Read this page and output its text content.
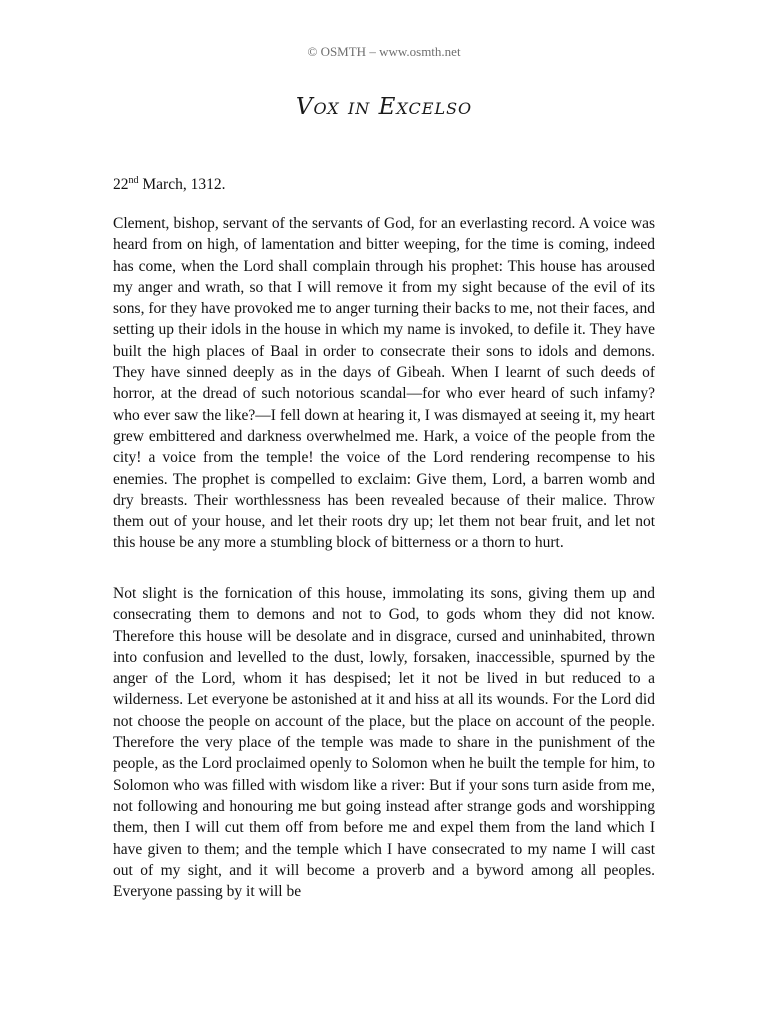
© OSMTH – www.osmth.net
Vox in Excelso
22nd March, 1312.

Clement, bishop, servant of the servants of God, for an everlasting record. A voice was heard from on high, of lamentation and bitter weeping, for the time is coming, indeed has come, when the Lord shall complain through his prophet: This house has aroused my anger and wrath, so that I will remove it from my sight because of the evil of its sons, for they have provoked me to anger turning their backs to me, not their faces, and setting up their idols in the house in which my name is invoked, to defile it. They have built the high places of Baal in order to consecrate their sons to idols and demons. They have sinned deeply as in the days of Gibeah. When I learnt of such deeds of horror, at the dread of such notorious scandal—for who ever heard of such infamy? who ever saw the like?—I fell down at hearing it, I was dismayed at seeing it, my heart grew embittered and darkness overwhelmed me. Hark, a voice of the people from the city! a voice from the temple! the voice of the Lord rendering recompense to his enemies. The prophet is compelled to exclaim: Give them, Lord, a barren womb and dry breasts. Their worthlessness has been revealed because of their malice. Throw them out of your house, and let their roots dry up; let them not bear fruit, and let not this house be any more a stumbling block of bitterness or a thorn to hurt.

Not slight is the fornication of this house, immolating its sons, giving them up and consecrating them to demons and not to God, to gods whom they did not know. Therefore this house will be desolate and in disgrace, cursed and uninhabited, thrown into confusion and levelled to the dust, lowly, forsaken, inaccessible, spurned by the anger of the Lord, whom it has despised; let it not be lived in but reduced to a wilderness. Let everyone be astonished at it and hiss at all its wounds. For the Lord did not choose the people on account of the place, but the place on account of the people. Therefore the very place of the temple was made to share in the punishment of the people, as the Lord proclaimed openly to Solomon when he built the temple for him, to Solomon who was filled with wisdom like a river: But if your sons turn aside from me, not following and honouring me but going instead after strange gods and worshipping them, then I will cut them off from before me and expel them from the land which I have given to them; and the temple which I have consecrated to my name I will cast out of my sight, and it will become a proverb and a byword among all peoples. Everyone passing by it will be
